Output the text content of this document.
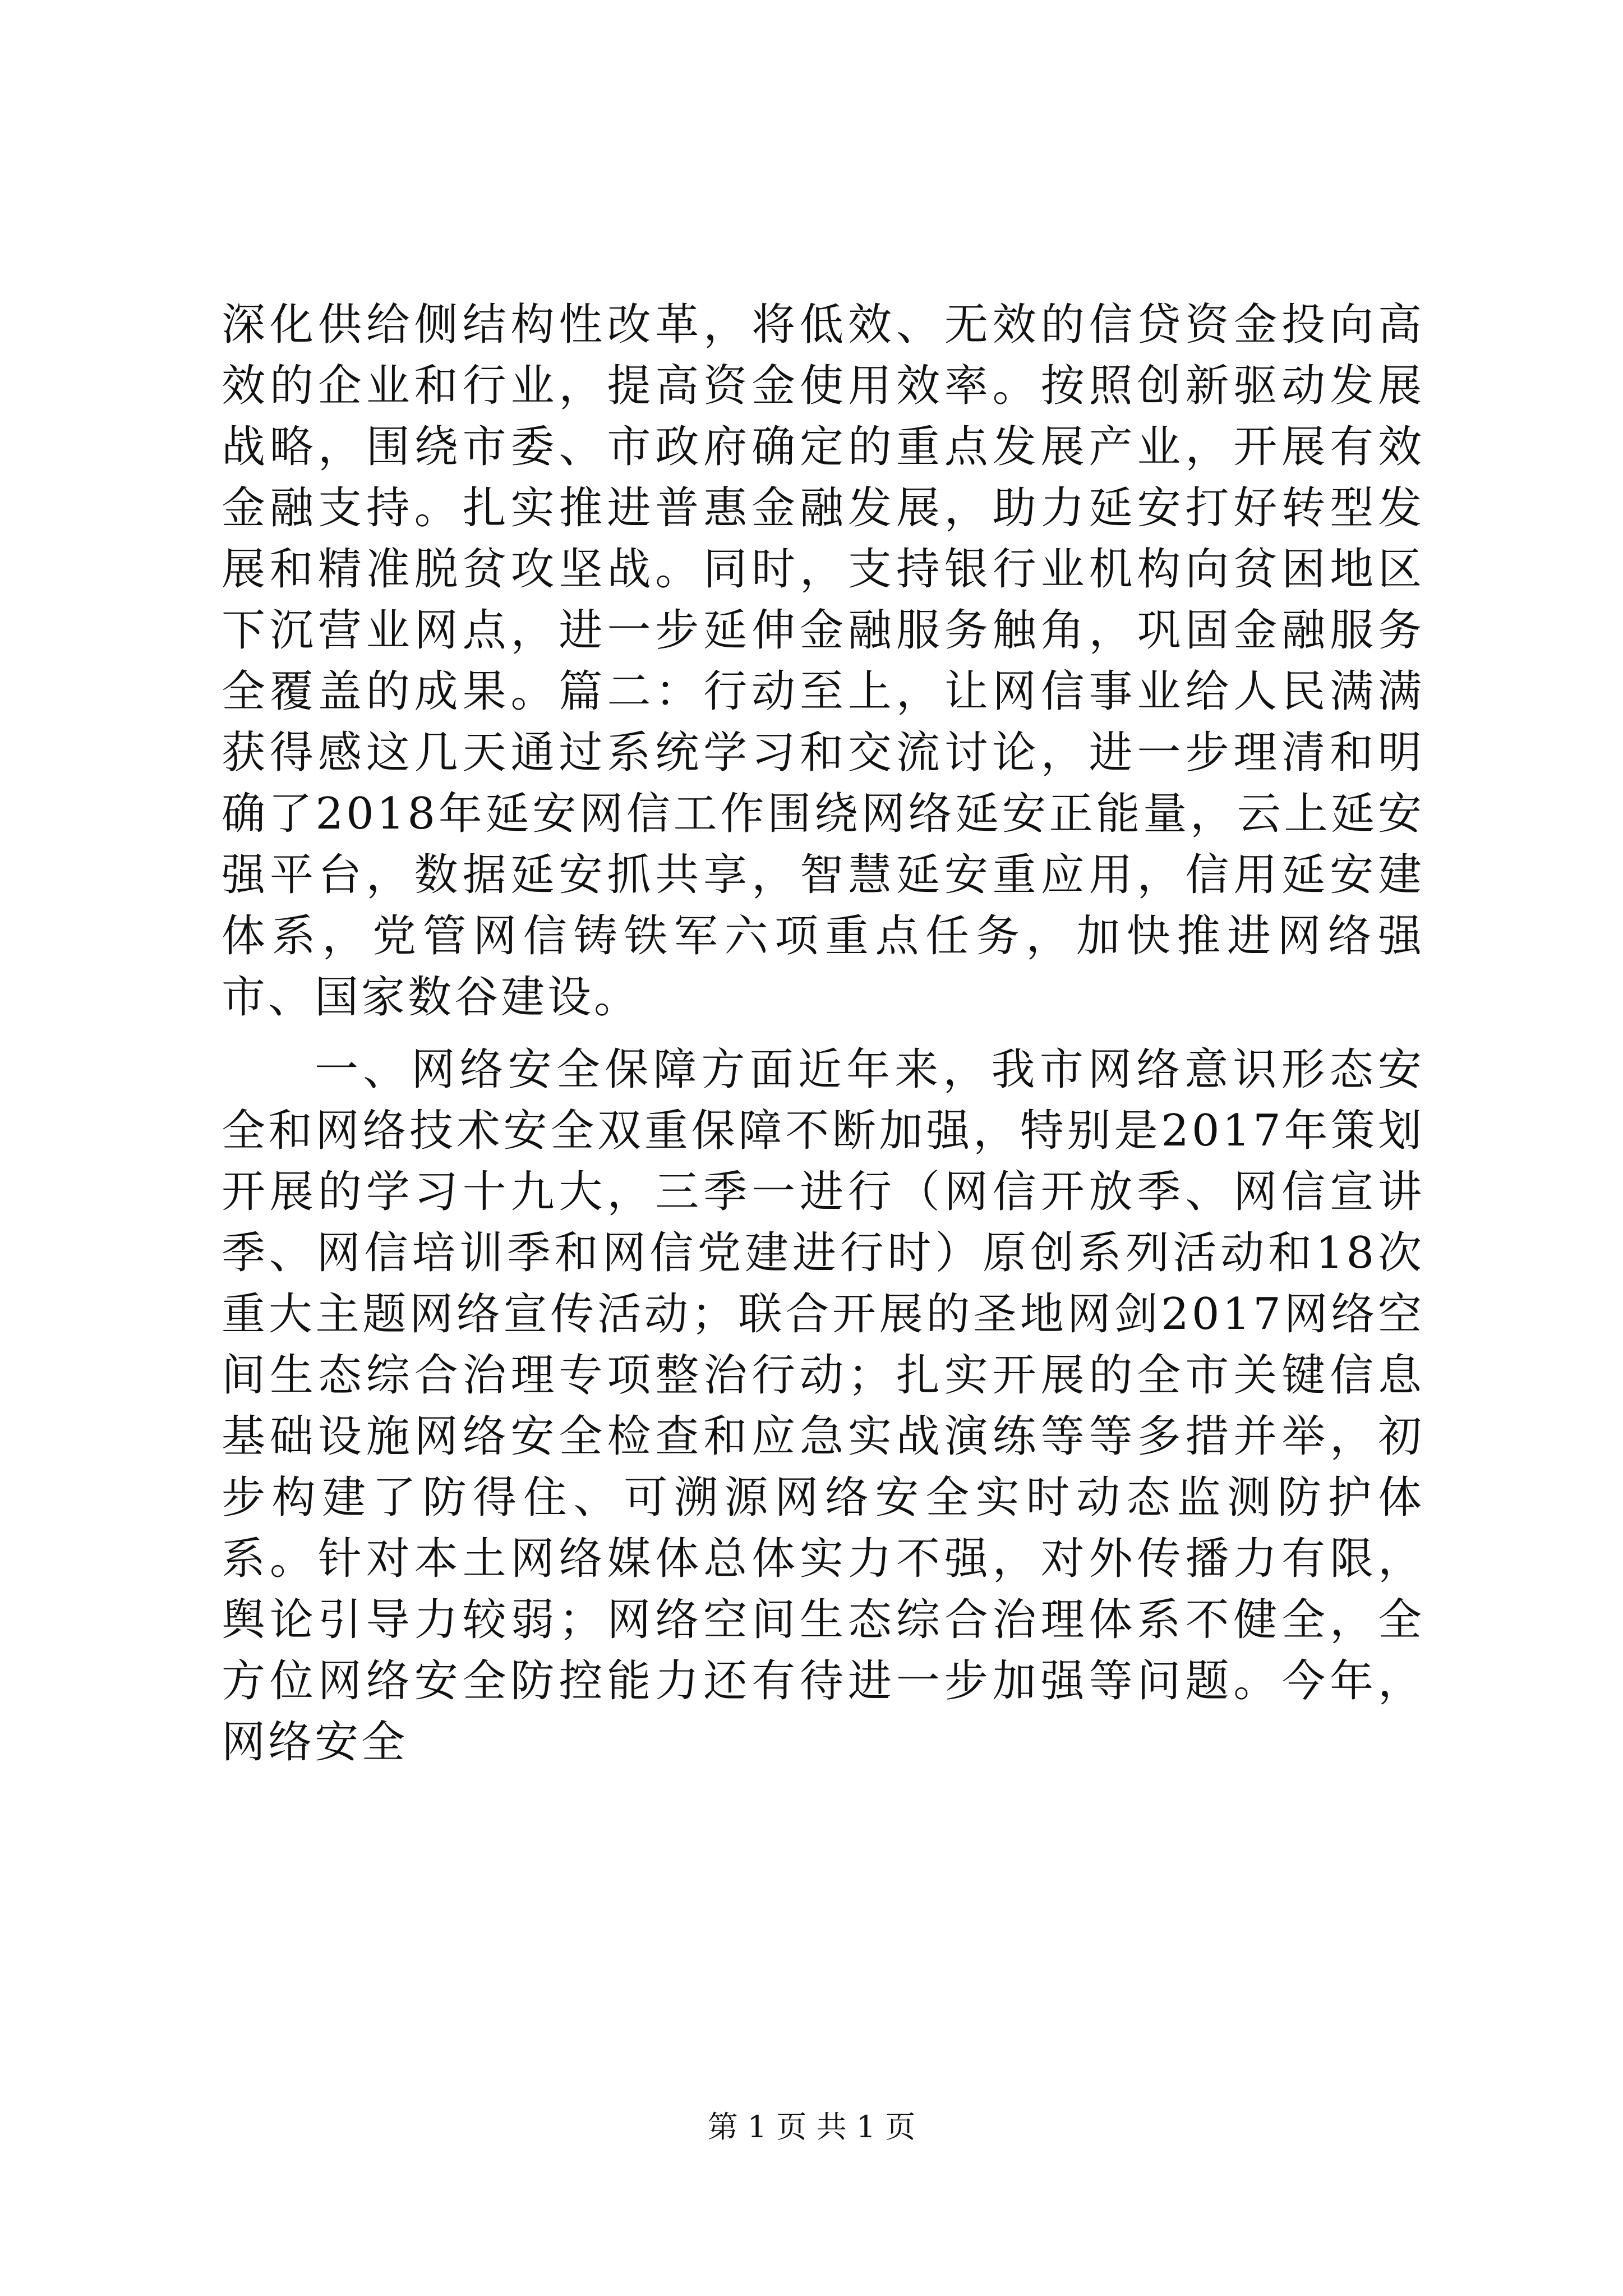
深化供给侧结构性改革，将低效、无效的信贷资金投向高效的企业和行业，提高资金使用效率。按照创新驱动发展战略，围绕市委、市政府确定的重点发展产业，开展有效金融支持。扎实推进普惠金融发展，助力延安打好转型发展和精准脱贫攻坚战。同时，支持银行业机构向贫困地区下沉营业网点，进一步延伸金融服务触角，巩固金融服务全覆盖的成果。篇二：行动至上，让网信事业给人民满满获得感这几天通过系统学习和交流讨论，进一步理清和明确了2018年延安网信工作围绕网络延安正能量，云上延安强平台，数据延安抓共享，智慧延安重应用，信用延安建体系，党管网信铸铁军六项重点任务，加快推进网络强市、国家数谷建设。

一、网络安全保障方面近年来，我市网络意识形态安全和网络技术安全双重保障不断加强，特别是2017年策划开展的学习十九大，三季一进行（网信开放季、网信宣讲季、网信培训季和网信党建进行时）原创系列活动和18次重大主题网络宣传活动；联合开展的圣地网剑2017网络空间生态综合治理专项整治行动；扎实开展的全市关键信息基础设施网络安全检查和应急实战演练等等多措并举，初步构建了防得住、可溯源网络安全实时动态监测防护体系。针对本土网络媒体总体实力不强，对外传播力有限，舆论引导力较弱；网络空间生态综合治理体系不健全，全方位网络安全防控能力还有待进一步加强等问题。今年，网络安全

第 1 页 共 1 页
